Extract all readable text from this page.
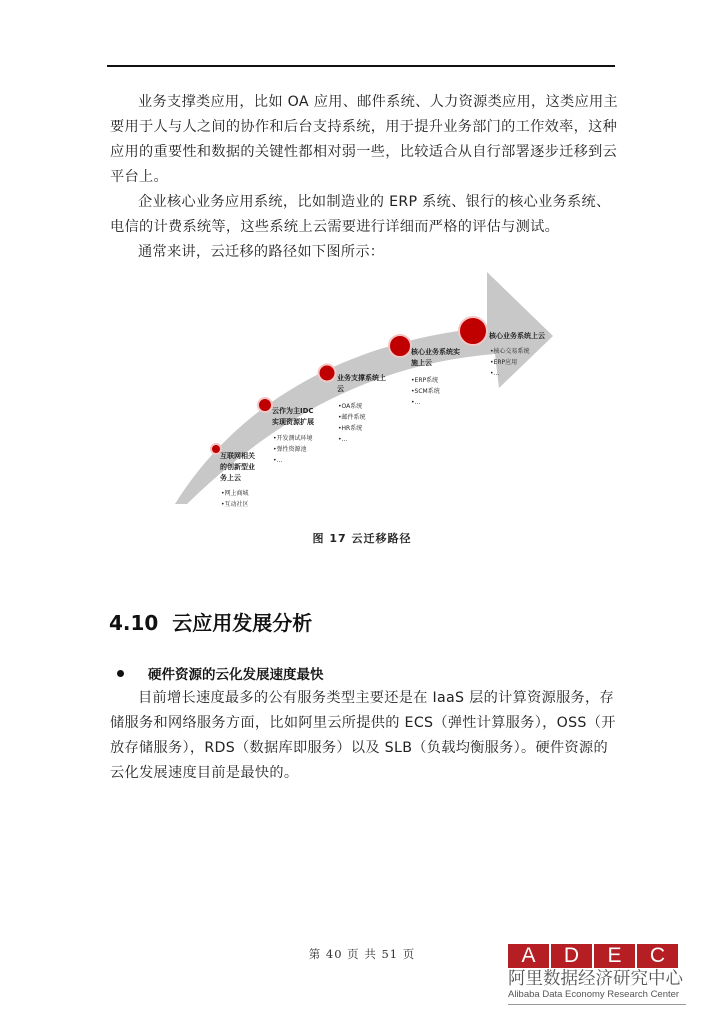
业务支撑类应用，比如 OA 应用、邮件系统、人力资源类应用，这类应用主要用于人与人之间的协作和后台支持系统，用于提升业务部门的工作效率，这种应用的重要性和数据的关键性都相对弱一些，比较适合从自行部署逐步迁移到云平台上。

企业核心业务应用系统，比如制造业的 ERP 系统、银行的核心业务系统、电信的计费系统等，这些系统上云需要进行详细而严格的评估与测试。

通常来讲，云迁移的路径如下图所示：

互联网相关
的创新型业
务上云
•网上商城
•互动社区
云作为主IDC
实现资源扩展
•开发测试环境
•弹性资源池
•…
业务支撑系统上
云
•OA系统
•邮件系统
•HR系统
•…
核心业务系统实
施上云
•ERP系统
•SCM系统
•…
核心业务系统上云
•核心交易系统
•ERP应用
•…
图 17 云迁移路径
4.10 云应用发展分析
硬件资源的云化发展速度最快

目前增长速度最多的公有服务类型主要还是在 IaaS 层的计算资源服务，存储服务和网络服务方面，比如阿里云所提供的 ECS（弹性计算服务），OSS（开放存储服务），RDS（数据库即服务）以及 SLB（负载均衡服务）。硬件资源的云化发展速度目前是最快的。

第 40 页 共 51 页	A	D	E	C
阿里数据经济研究中心
Alibaba Data Economy Research Center
